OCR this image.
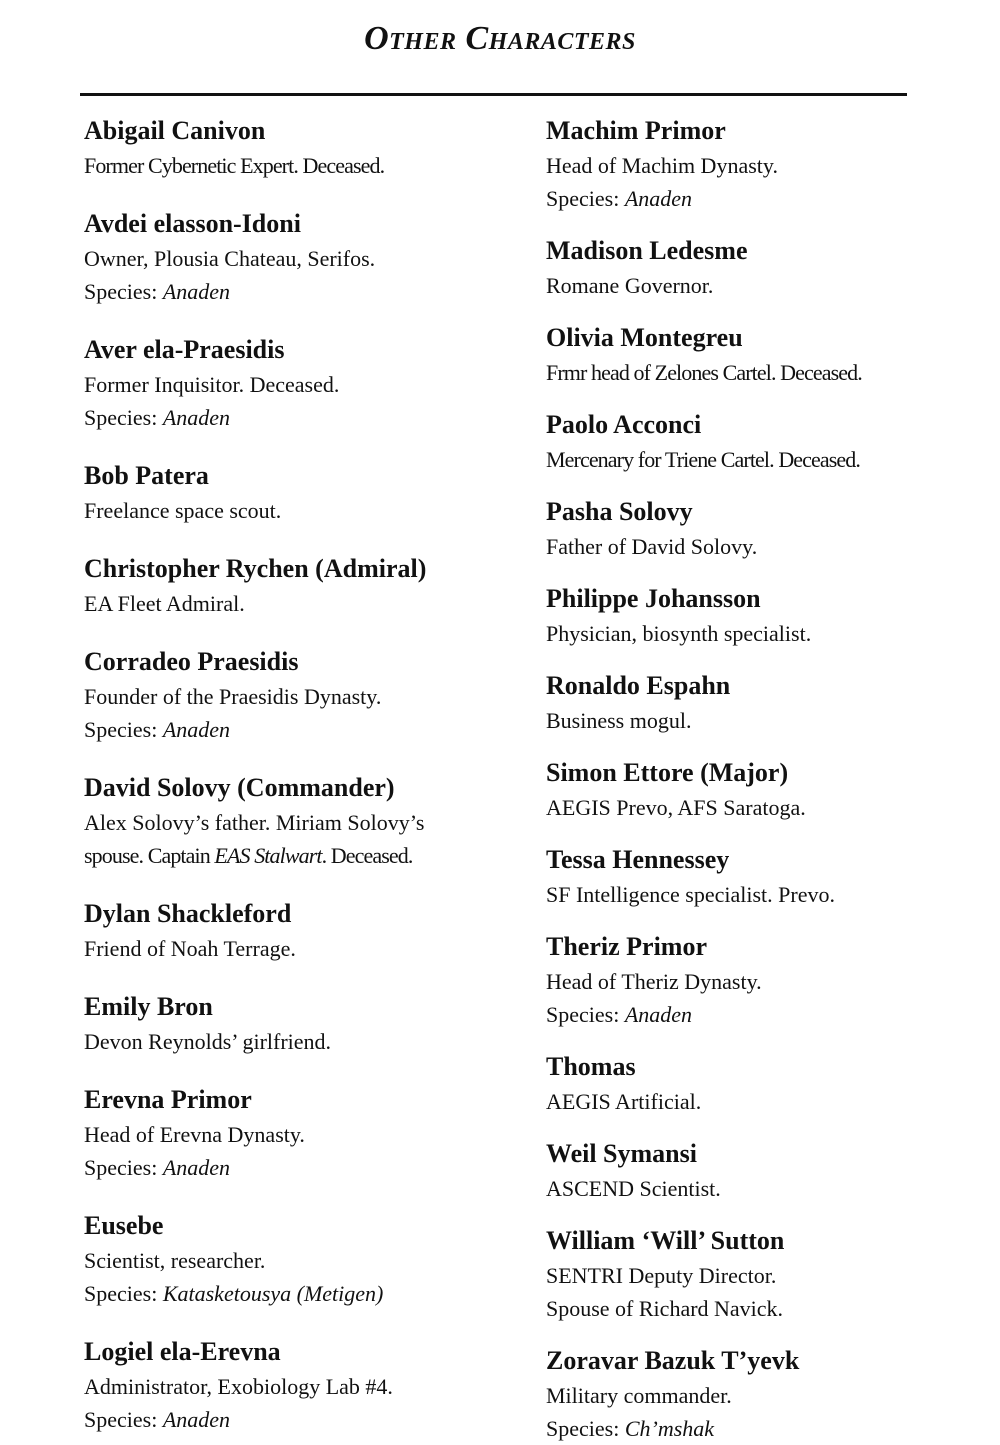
Other Characters
Abigail Canivon
Former Cybernetic Expert. Deceased.
Avdei elasson-Idoni
Owner, Plousia Chateau, Serifos.
Species: Anaden
Aver ela-Praesidis
Former Inquisitor. Deceased.
Species: Anaden
Bob Patera
Freelance space scout.
Christopher Rychen (Admiral)
EA Fleet Admiral.
Corradeo Praesidis
Founder of the Praesidis Dynasty.
Species: Anaden
David Solovy (Commander)
Alex Solovy’s father. Miriam Solovy’s
spouse. Captain EAS Stalwart. Deceased.
Dylan Shackleford
Friend of Noah Terrage.
Emily Bron
Devon Reynolds’ girlfriend.
Erevna Primor
Head of Erevna Dynasty.
Species: Anaden
Eusebe
Scientist, researcher.
Species: Katasketousya (Metigen)
Logiel ela-Erevna
Administrator, Exobiology Lab #4.
Species: Anaden
Machim Primor
Head of Machim Dynasty.
Species: Anaden
Madison Ledesme
Romane Governor.
Olivia Montegreu
Frmr head of Zelones Cartel. Deceased.
Paolo Acconci
Mercenary for Triene Cartel. Deceased.
Pasha Solovy
Father of David Solovy.
Philippe Johansson
Physician, biosynth specialist.
Ronaldo Espahn
Business mogul.
Simon Ettore (Major)
AEGIS Prevo, AFS Saratoga.
Tessa Hennessey
SF Intelligence specialist. Prevo.
Theriz Primor
Head of Theriz Dynasty.
Species: Anaden
Thomas
AEGIS Artificial.
Weil Symansi
ASCEND Scientist.
William ‘Will’ Sutton
SENTRI Deputy Director.
Spouse of Richard Navick.
Zoravar Bazuk T’yevk
Military commander.
Species: Ch’mshak
